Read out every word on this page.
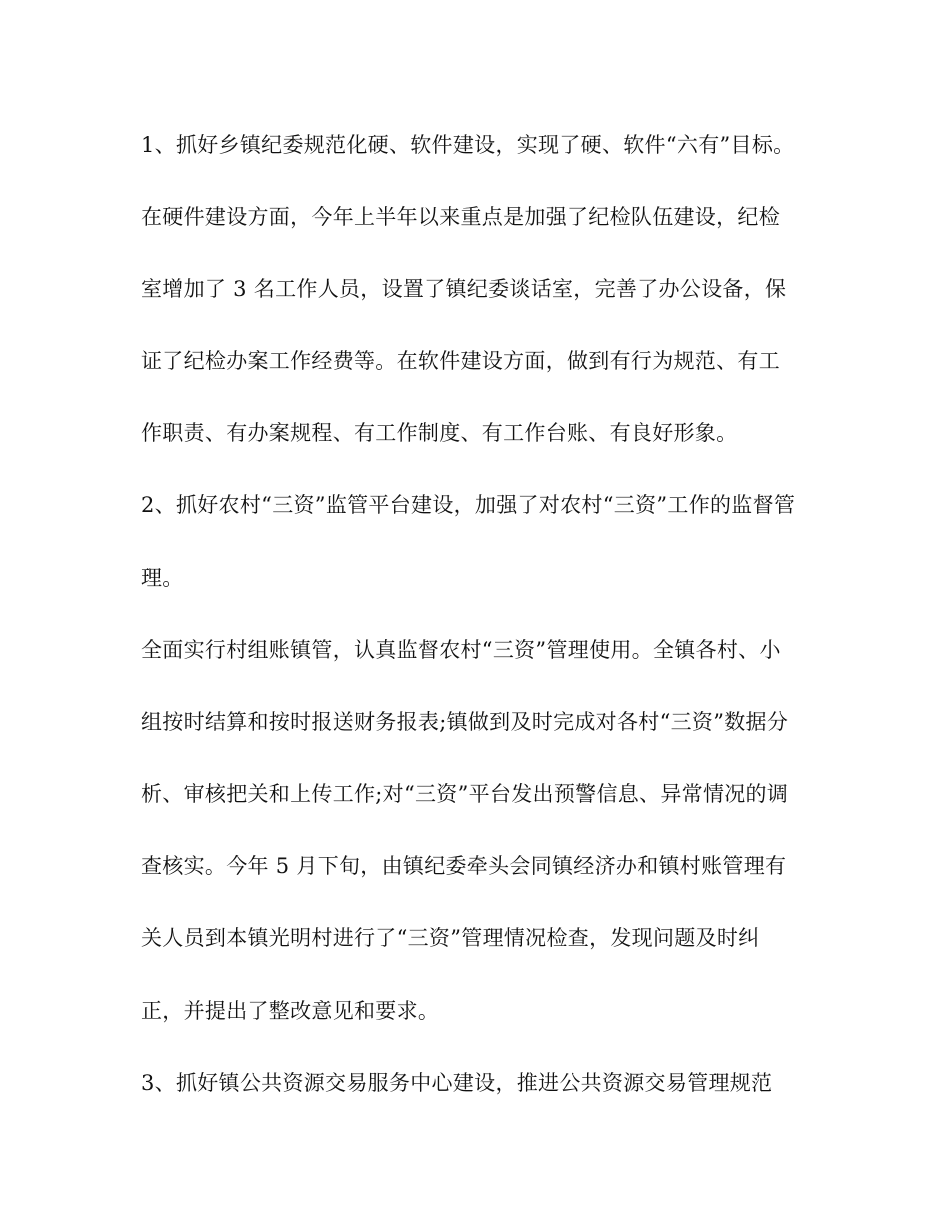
1、抓好乡镇纪委规范化硬、软件建设，实现了硬、软件“六有”目标。
在硬件建设方面，今年上半年以来重点是加强了纪检队伍建设，纪检
室增加了 3 名工作人员，设置了镇纪委谈话室，完善了办公设备，保
证了纪检办案工作经费等。在软件建设方面，做到有行为规范、有工
作职责、有办案规程、有工作制度、有工作台账、有良好形象。
2、抓好农村“三资”监管平台建设，加强了对农村“三资”工作的监督管
理。
全面实行村组账镇管，认真监督农村“三资”管理使用。全镇各村、小
组按时结算和按时报送财务报表;镇做到及时完成对各村“三资”数据分
析、审核把关和上传工作;对“三资”平台发出预警信息、异常情况的调
查核实。今年 5 月下旬，由镇纪委牵头会同镇经济办和镇村账管理有
关人员到本镇光明村进行了“三资”管理情况检查，发现问题及时纠
正，并提出了整改意见和要求。
3、抓好镇公共资源交易服务中心建设，推进公共资源交易管理规范
